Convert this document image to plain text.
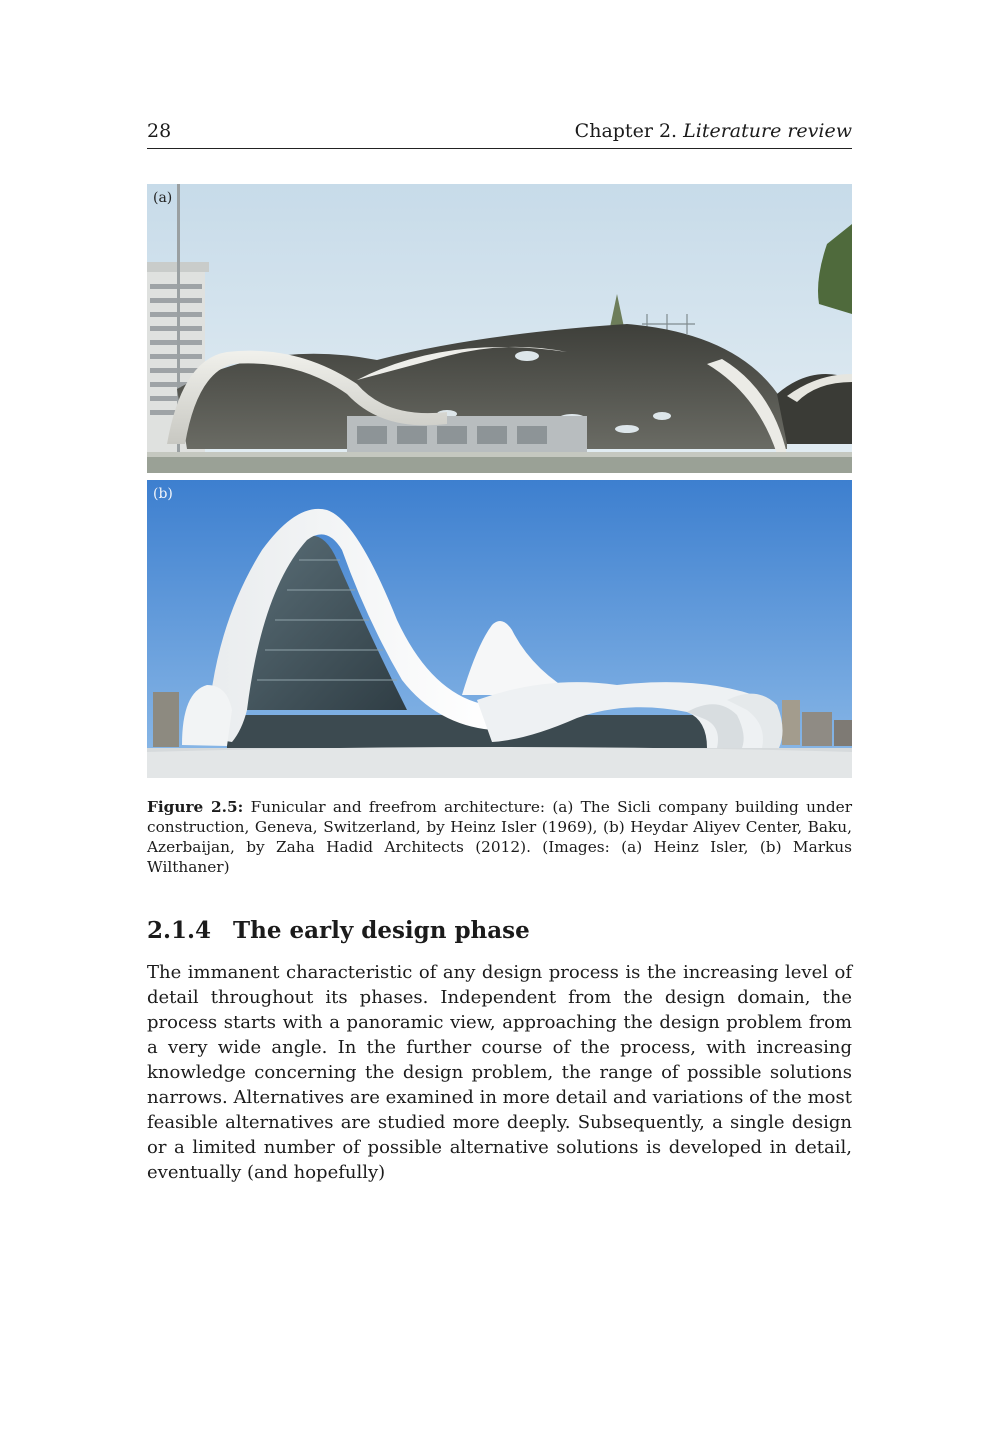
28	Chapter 2. Literature review
(a)
(b)
Figure 2.5: Funicular and freefrom architecture: (a) The Sicli company building under construction, Geneva, Switzerland, by Heinz Isler (1969), (b) Heydar Aliyev Center, Baku, Azerbaijan, by Zaha Hadid Architects (2012). (Images: (a) Heinz Isler, (b) Markus Wilthaner)
2.1.4 The early design phase
The immanent characteristic of any design process is the increasing level of detail throughout its phases. Independent from the design domain, the process starts with a panoramic view, approaching the design problem from a very wide angle. In the further course of the process, with increasing knowledge concerning the design problem, the range of possible solutions narrows. Alternatives are examined in more detail and variations of the most feasible alternatives are studied more deeply. Subsequently, a single design or a limited number of possible alternative solutions is developed in detail, eventually (and hopefully)
